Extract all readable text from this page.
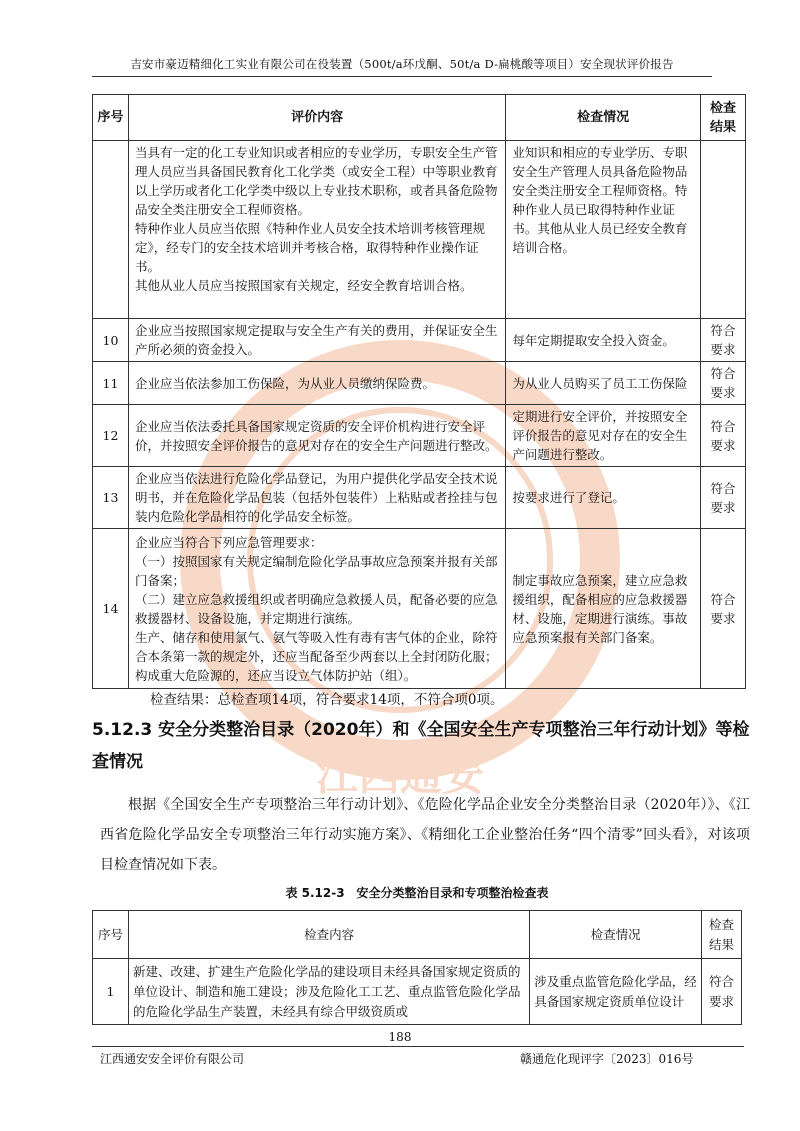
吉安市豪迈精细化工实业有限公司在役装置（500t/a环戊酮、50t/a D-扁桃酸等项目）安全现状评价报告
江西通安
序号	评价内容	检查情况	检查结果

	当具有一定的化工专业知识或者相应的专业学历，专职安全生产管理人员应当具备国民教育化工化学类（或安全工程）中等职业教育以上学历或者化工化学类中级以上专业技术职称，或者具备危险物品安全类注册安全工程师资格。

特种作业人员应当依照《特种作业人员安全技术培训考核管理规定》，经专门的安全技术培训并考核合格，取得特种作业操作证书。

其他从业人员应当按照国家有关规定，经安全教育培训合格。	业知识和相应的专业学历、专职安全生产管理人员具备危险物品安全类注册安全工程师资格。特种作业人员已取得特种作业证书。其他从业人员已经安全教育培训合格。	
10	企业应当按照国家规定提取与安全生产有关的费用，并保证安全生产所必须的资金投入。	每年定期提取安全投入资金。	符合要求
11	企业应当依法参加工伤保险，为从业人员缴纳保险费。	为从业人员购买了员工工伤保险	符合要求
12	企业应当依法委托具备国家规定资质的安全评价机构进行安全评价，并按照安全评价报告的意见对存在的安全生产问题进行整改。	定期进行安全评价，并按照安全评价报告的意见对存在的安全生产问题进行整改。	符合要求
13	企业应当依法进行危险化学品登记，为用户提供化学品安全技术说明书，并在危险化学品包装（包括外包装件）上粘贴或者拴挂与包装内危险化学品相符的化学品安全标签。	按要求进行了登记。	符合要求
14	企业应当符合下列应急管理要求：

（一）按照国家有关规定编制危险化学品事故应急预案并报有关部门备案；

（二）建立应急救援组织或者明确应急救援人员，配备必要的应急救援器材、设备设施，并定期进行演练。

生产、储存和使用氯气、氨气等吸入性有毒有害气体的企业，除符合本条第一款的规定外，还应当配备至少两套以上全封闭防化服；构成重大危险源的，还应当设立气体防护站（组）。	制定事故应急预案，建立应急救援组织，配备相应的应急救援器材、设施，定期进行演练。事故应急预案报有关部门备案。	符合要求
检查结果：总检查项14项，符合要求14项，不符合项0项。
5.12.3 安全分类整治目录（2020年）和《全国安全生产专项整治三年行动计划》等检查情况
根据《全国安全生产专项整治三年行动计划》、《危险化学品企业安全分类整治目录（2020年）》、《江西省危险化学品安全专项整治三年行动实施方案》、《精细化工企业整治任务“四个清零”回头看》，对该项目检查情况如下表。
表 5.12-3　安全分类整治目录和专项整治检查表
序号	检查内容	检查情况	检查结果
1	新建、改建、扩建生产危险化学品的建设项目未经具备国家规定资质的单位设计、制造和施工建设；涉及危险化工工艺、重点监管危险化学品的危险化学品生产装置，未经具有综合甲级资质或	涉及重点监管危险化学品，经具备国家规定资质单位设计	符合要求
188
江西通安安全评价有限公司	赣通危化现评字〔2023〕016号
